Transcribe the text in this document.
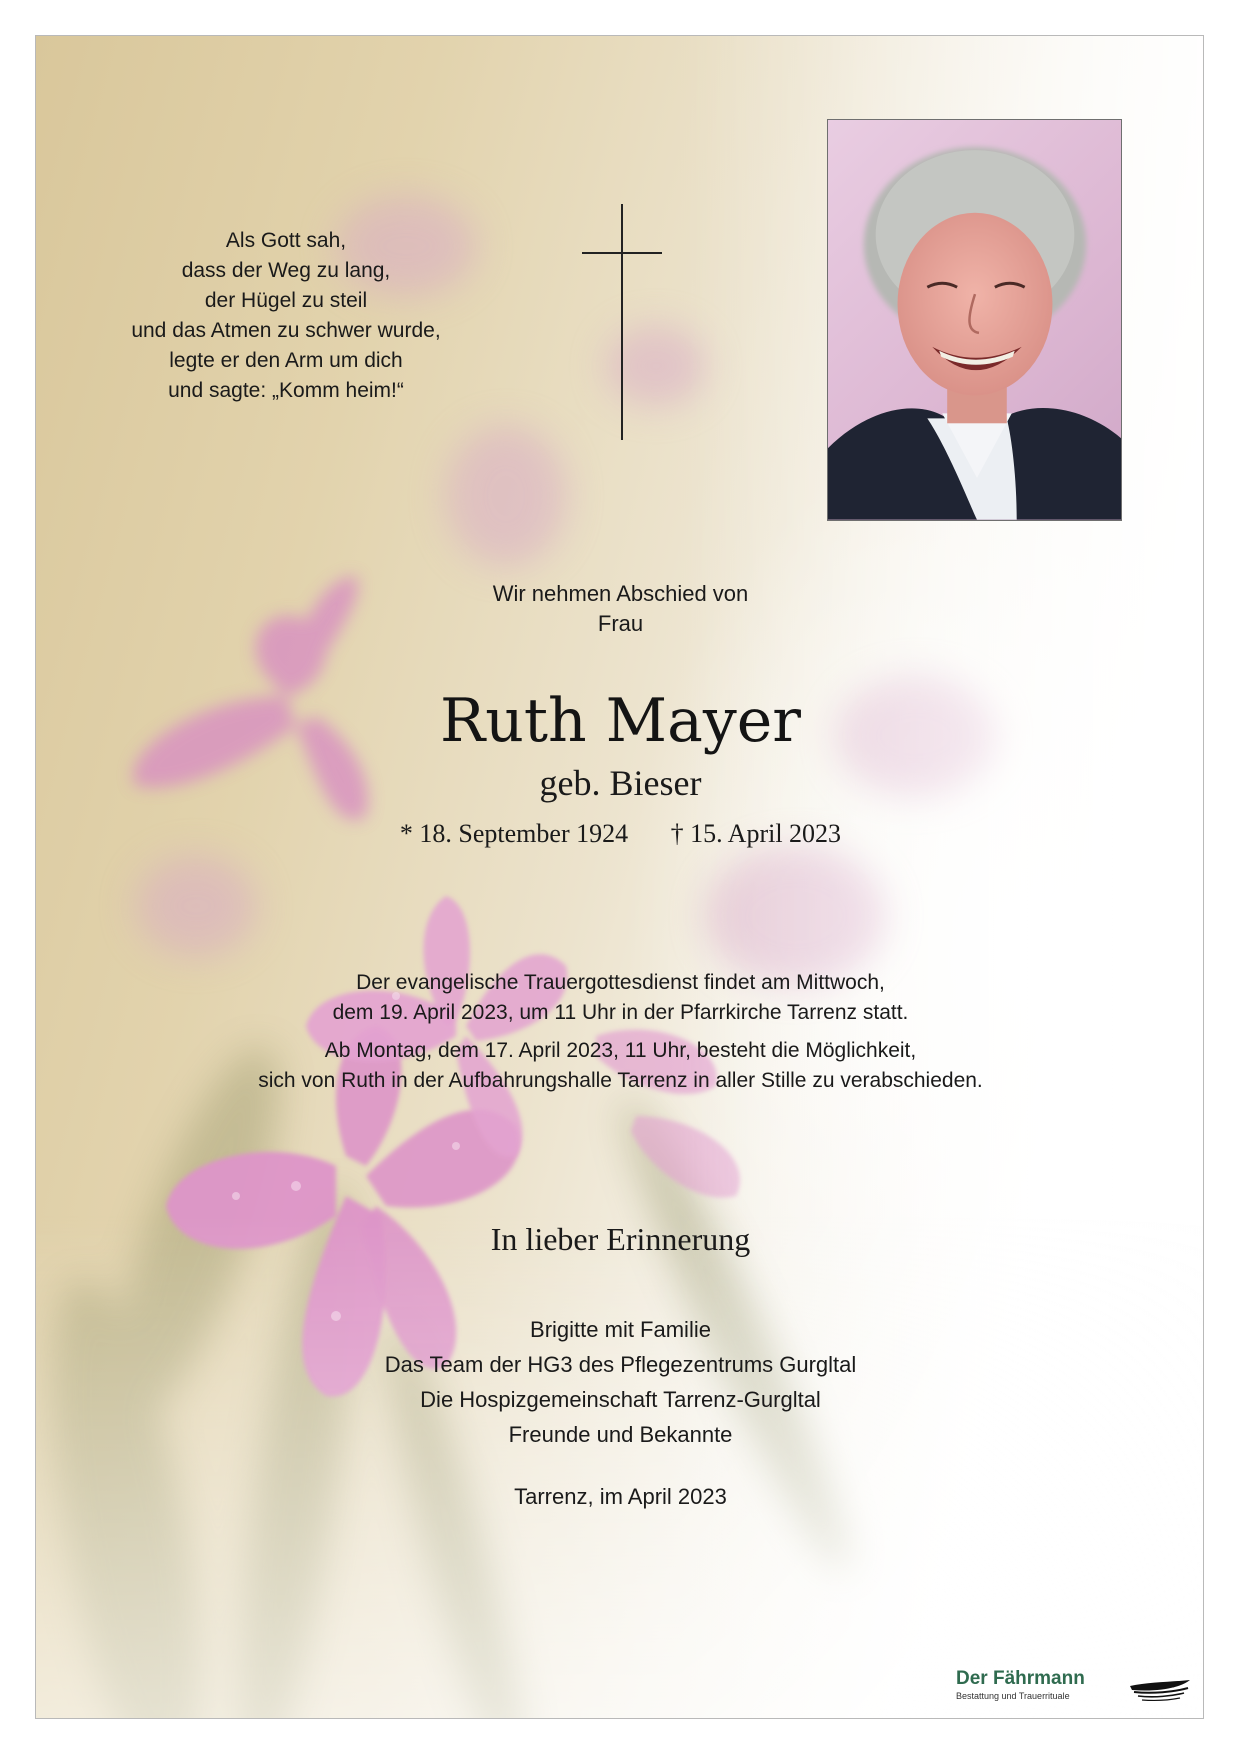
Als Gott sah,
dass der Weg zu lang,
der Hügel zu steil
und das Atmen zu schwer wurde,
legte er den Arm um dich
und sagte: „Komm heim!“
Wir nehmen Abschied von
Frau
Ruth Mayer
geb. Bieser
* 18. September 1924 † 15. April 2023

Der evangelische Trauergottesdienst findet am Mittwoch,
dem 19. April 2023, um 11 Uhr in der Pfarrkirche Tarrenz statt.

Ab Montag, dem 17. April 2023, 11 Uhr, besteht die Möglichkeit,
sich von Ruth in der Aufbahrungshalle Tarrenz in aller Stille zu verabschieden.

In lieber Erinnerung
Brigitte mit Familie
Das Team der HG3 des Pflegezentrums Gurgltal
Die Hospizgemeinschaft Tarrenz-Gurgltal
Freunde und Bekannte
Tarrenz, im April 2023
Der Fährmann
Bestattung und Trauerrituale
